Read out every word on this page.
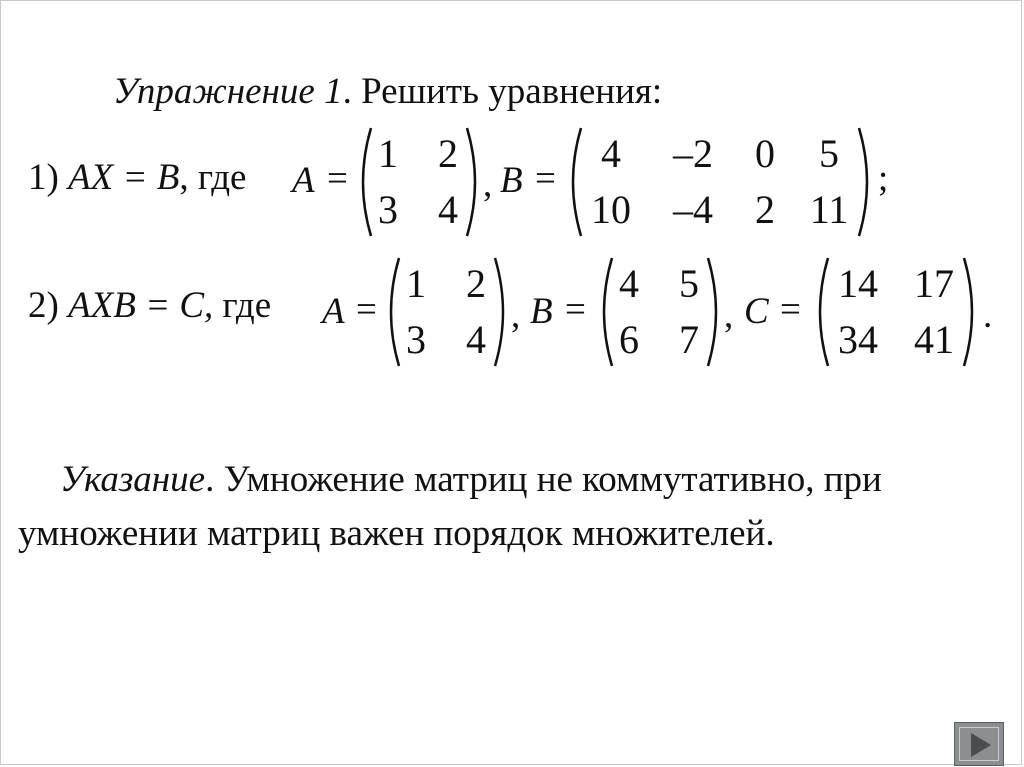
Упражнение 1. Решить уравнения:
1) AX = B, где A =
1 2
3 4
, B =
4	–2 0	5
10 –4 2 11
;
2) AXB = C, где A =
1 2
3 4
, B =
4 5
6 7
, C =
14 17
34 41
.
Указание. Умножение матриц не коммутативно, при
умножении матриц важен порядок множителей.
